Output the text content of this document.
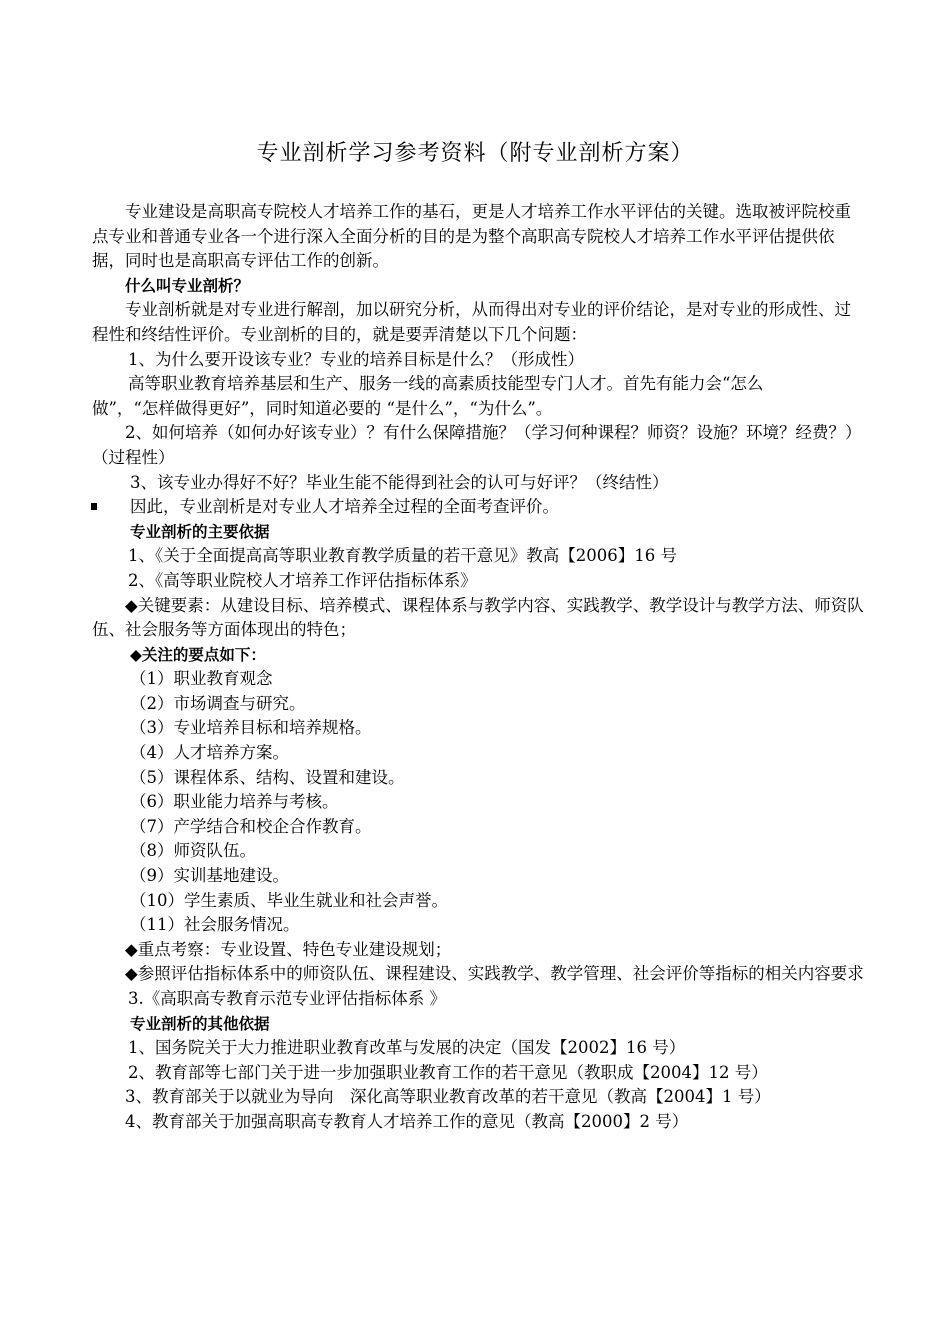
专业剖析学习参考资料（附专业剖析方案）

专业建设是高职高专院校人才培养工作的基石，更是人才培养工作水平评估的关键。选取被评院校重点专业和普通专业各一个进行深入全面分析的目的是为整个高职高专院校人才培养工作水平评估提供依据，同时也是高职高专评估工作的创新。

什么叫专业剖析？

专业剖析就是对专业进行解剖，加以研究分析，从而得出对专业的评价结论，是对专业的形成性、过程性和终结性评价。专业剖析的目的，就是要弄清楚以下几个问题：

1、为什么要开设该专业？专业的培养目标是什么？（形成性）

高等职业教育培养基层和生产、服务一线的高素质技能型专门人才。首先有能力会“怎么

做”，“怎样做得更好”，同时知道必要的 “是什么”，“为什么”。

2、如何培养（如何办好该专业）？有什么保障措施？（学习何种课程？师资？设施？环境？经费？）（过程性）

3、该专业办得好不好？毕业生能不能得到社会的认可与好评？（终结性）

因此，专业剖析是对专业人才培养全过程的全面考查评价。

专业剖析的主要依据

1、《关于全面提高高等职业教育教学质量的若干意见》教高【2006】16 号

2、《高等职业院校人才培养工作评估指标体系》

◆关键要素：从建设目标、培养模式、课程体系与教学内容、实践教学、教学设计与教学方法、师资队伍、社会服务等方面体现出的特色；

◆关注的要点如下：

（1）职业教育观念

（2）市场调查与研究。

（3）专业培养目标和培养规格。

（4）人才培养方案。

（5）课程体系、结构、设置和建设。

（6）职业能力培养与考核。

（7）产学结合和校企合作教育。

（8）师资队伍。

（9）实训基地建设。

（10）学生素质、毕业生就业和社会声誉。

（11）社会服务情况。

◆重点考察：专业设置、特色专业建设规划；

◆参照评估指标体系中的师资队伍、课程建设、实践教学、教学管理、社会评价等指标的相关内容要求

3.《高职高专教育示范专业评估指标体系 》

专业剖析的其他依据

1、国务院关于大力推进职业教育改革与发展的决定（国发【2002】16 号）

2、教育部等七部门关于进一步加强职业教育工作的若干意见（教职成【2004】12 号）

3、教育部关于以就业为导向　深化高等职业教育改革的若干意见（教高【2004】1 号）

4、教育部关于加强高职高专教育人才培养工作的意见（教高【2000】2 号）
